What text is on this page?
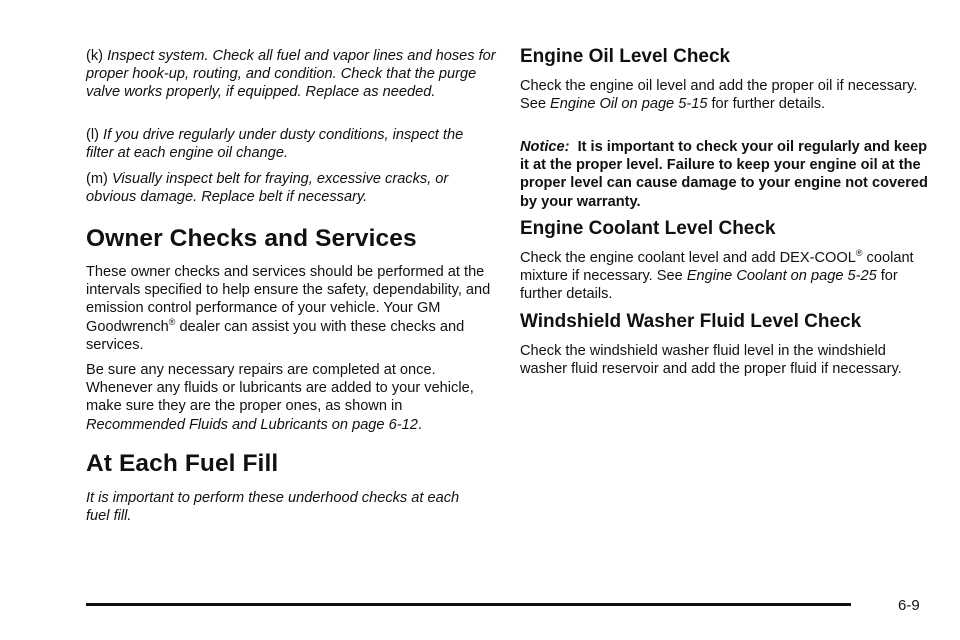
(k) Inspect system. Check all fuel and vapor lines and hoses for proper hook-up, routing, and condition. Check that the purge valve works properly, if equipped. Replace as needed.

(l) If you drive regularly under dusty conditions, inspect the filter at each engine oil change.

(m) Visually inspect belt for fraying, excessive cracks, or obvious damage. Replace belt if necessary.

Owner Checks and Services

These owner checks and services should be performed at the intervals specified to help ensure the safety, dependability, and emission control performance of your vehicle. Your GM Goodwrench® dealer can assist you with these checks and services.

Be sure any necessary repairs are completed at once. Whenever any fluids or lubricants are added to your vehicle, make sure they are the proper ones, as shown in Recommended Fluids and Lubricants on page 6-12.

At Each Fuel Fill

It is important to perform these underhood checks at each fuel fill.

Engine Oil Level Check

Check the engine oil level and add the proper oil if necessary. See Engine Oil on page 5-15 for further details.

Notice: It is important to check your oil regularly and keep it at the proper level. Failure to keep your engine oil at the proper level can cause damage to your engine not covered by your warranty.

Engine Coolant Level Check

Check the engine coolant level and add DEX-COOL® coolant mixture if necessary. See Engine Coolant on page 5-25 for further details.

Windshield Washer Fluid Level Check

Check the windshield washer fluid level in the windshield washer fluid reservoir and add the proper fluid if necessary.

6-9
